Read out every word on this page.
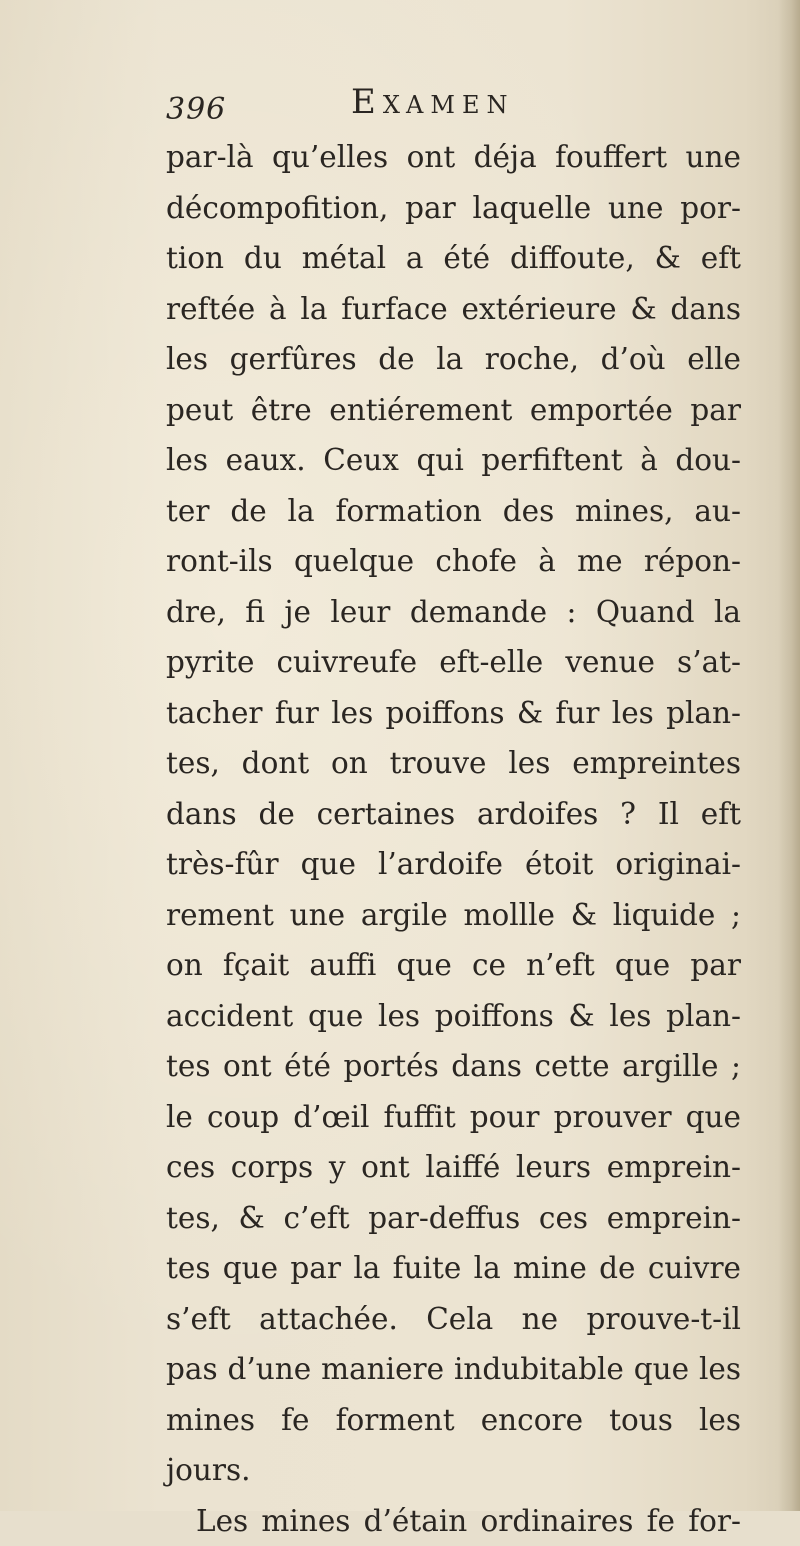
396	Examen
par-là qu’elles ont déja fouffert une
décompofition, par laquelle une por-
tion du métal a été diffoute, & eft
reftée à la furface extérieure & dans
les gerfûres de la roche, d’où elle
peut être entiérement emportée par
les eaux. Ceux qui perfiftent à dou-
ter de la formation des mines, au-
ront-ils quelque chofe à me répon-
dre, fi je leur demande : Quand la
pyrite cuivreufe eft-elle venue s’at-
tacher fur les poiffons & fur les plan-
tes, dont on trouve les empreintes
dans de certaines ardoifes ? Il eft
très-fûr que l’ardoife étoit originai-
rement une argile mollle & liquide ;
on fçait auffi que ce n’eft que par
accident que les poiffons & les plan-
tes ont été portés dans cette argille ;
le coup d’œil fuffit pour prouver que
ces corps y ont laiffé leurs emprein-
tes, & c’eft par-deffus ces emprein-
tes que par la fuite la mine de cuivre
s’eft attachée. Cela ne prouve-t-il
pas d’une maniere indubitable que les
mines fe forment encore tous les
jours.
Les mines d’étain ordinaires fe for-
